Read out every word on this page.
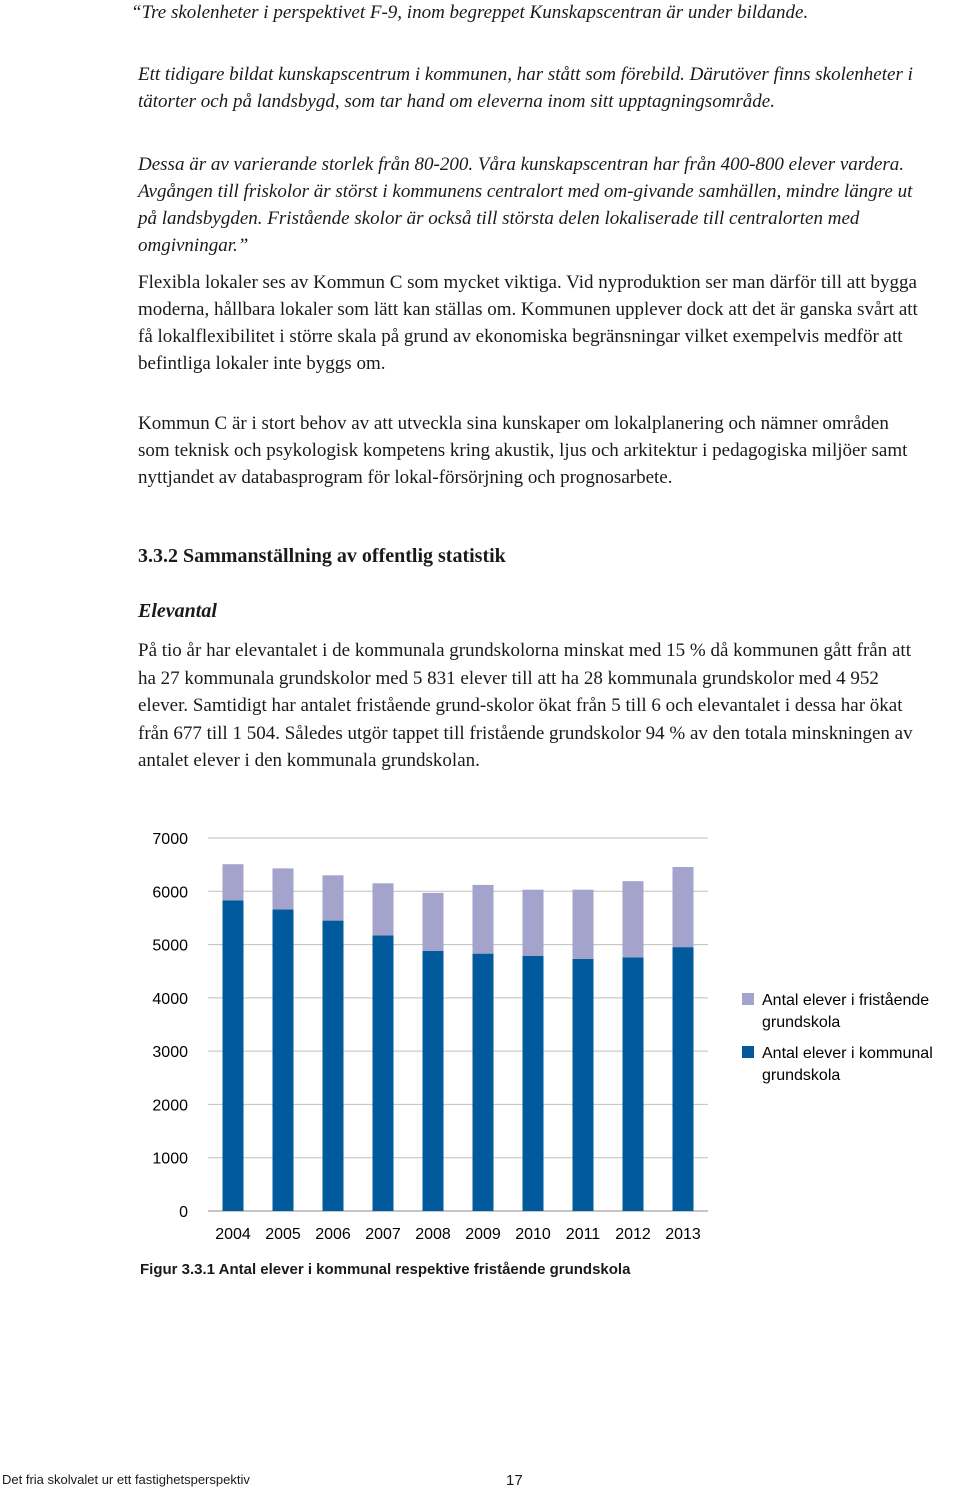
“Tre skolenheter i perspektivet F-9, inom begreppet Kunskapscentran är under bildande.

Ett tidigare bildat kunskapscentrum i kommunen, har stått som förebild. Därutöver finns skolenheter i tätorter och på landsbygd, som tar hand om eleverna inom sitt upptagningsområde.

Dessa är av varierande storlek från 80-200. Våra kunskapscentran har från 400-800 elever vardera. Avgången till friskolor är störst i kommunens centralort med om-givande samhällen, mindre längre ut på landsbygden. Fristående skolor är också till största delen lokaliserade till centralorten med omgivningar.”

Flexibla lokaler ses av Kommun C som mycket viktiga. Vid nyproduktion ser man därför till att bygga moderna, hållbara lokaler som lätt kan ställas om. Kommunen upplever dock att det är ganska svårt att få lokalflexibilitet i större skala på grund av ekonomiska begränsningar vilket exempelvis medför att befintliga lokaler inte byggs om.

Kommun C är i stort behov av att utveckla sina kunskaper om lokalplanering och nämner områden som teknisk och psykologisk kompetens kring akustik, ljus och arkitektur i pedagogiska miljöer samt nyttjandet av databasprogram för lokal-försörjning och prognosarbete.

3.3.2 Sammanställning av offentlig statistik
Elevantal

På tio år har elevantalet i de kommunala grundskolorna minskat med 15 % då kommunen gått från att ha 27 kommunala grundskolor med 5 831 elever till att ha 28 kommunala grundskolor med 4 952 elever. Samtidigt har antalet fristående grund-skolor ökat från 5 till 6 och elevantalet i dessa har ökat från 677 till 1 504. Således utgör tappet till fristående grundskolor 94 % av den totala minskningen av antalet elever i den kommunala grundskolan.

7000
6000
5000
4000
3000
2000
1000
0
2004 2005 2006 2007 2008 2009 2010 2011 2012 2013
Antal elever i fristående grundskola
Antal elever i kommunal grundskola

Figur 3.3.1 Antal elever i kommunal respektive fristående grundskola

Det fria skolvalet ur ett fastighetsperspektiv	17
